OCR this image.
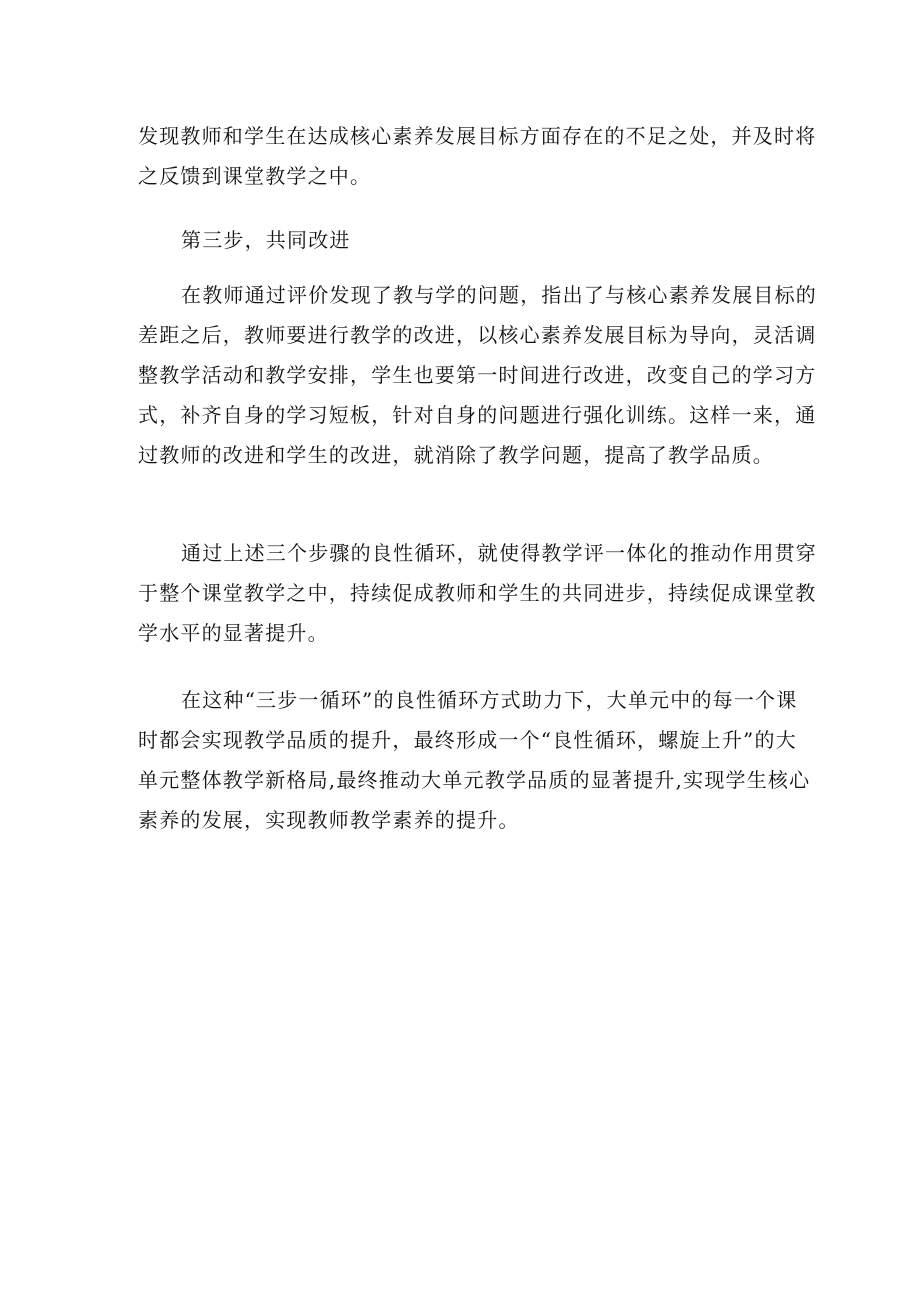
发现教师和学生在达成核心素养发展目标方面存在的不足之处，并及时将
之反馈到课堂教学之中。
第三步，共同改进
在教师通过评价发现了教与学的问题，指出了与核心素养发展目标的
差距之后，教师要进行教学的改进，以核心素养发展目标为导向，灵活调
整教学活动和教学安排，学生也要第一时间进行改进，改变自己的学习方
式，补齐自身的学习短板，针对自身的问题进行强化训练。这样一来，通
过教师的改进和学生的改进，就消除了教学问题，提高了教学品质。
通过上述三个步骤的良性循环，就使得教学评一体化的推动作用贯穿
于整个课堂教学之中，持续促成教师和学生的共同进步，持续促成课堂教
学水平的显著提升。
在这种“三步一循环”的良性循环方式助力下，大单元中的每一个课
时都会实现教学品质的提升，最终形成一个“良性循环，螺旋上升”的大
单元整体教学新格局,最终推动大单元教学品质的显著提升,实现学生核心
素养的发展，实现教师教学素养的提升。
